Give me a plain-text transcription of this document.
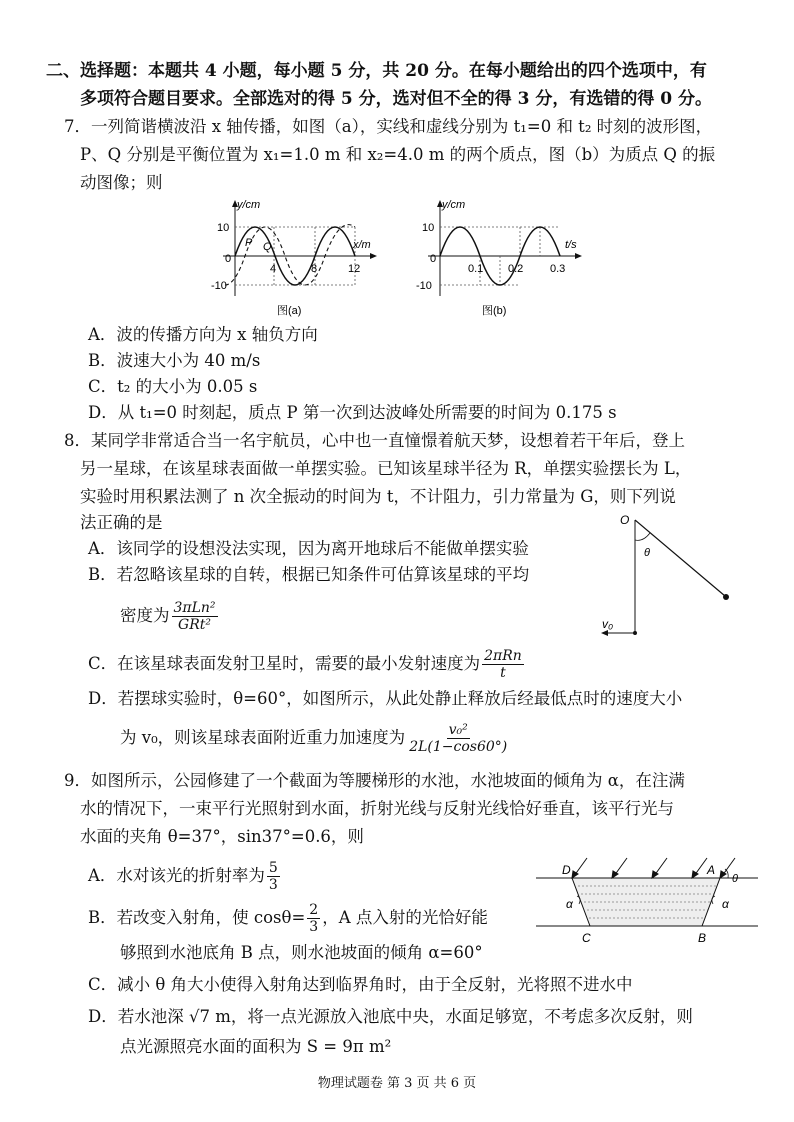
二、选择题：本题共 4 小题，每小题 5 分，共 20 分。在每小题给出的四个选项中，有
多项符合题目要求。全部选对的得 5 分，选对但不全的得 3 分，有选错的得 0 分。
7．一列简谐横波沿 x 轴传播，如图（a），实线和虚线分别为 t₁=0 和 t₂ 时刻的波形图，
P、Q 分别是平衡位置为 x₁=1.0 m 和 x₂=4.0 m 的两个质点，图（b）为质点 Q 的振
动图像；则
y/cm
x/m
10
0
-10
4	8	12
P Q
图(a)
y/cm
t/s
10
0
-10
0.1 0.2 0.3
图(b)
A．波的传播方向为 x 轴负方向
B．波速大小为 40 m/s
C．t₂ 的大小为 0.05 s
D．从 t₁=0 时刻起，质点 P 第一次到达波峰处所需要的时间为 0.175 s
8．某同学非常适合当一名宇航员，心中也一直憧憬着航天梦，设想着若干年后，登上
另一星球，在该星球表面做一单摆实验。已知该星球半径为 R，单摆实验摆长为 L，
实验时用积累法测了 n 次全振动的时间为 t，不计阻力，引力常量为 G，则下列说
法正确的是	O
θ
v₀
A．该同学的设想没法实现，因为离开地球后不能做单摆实验
B．若忽略该星球的自转，根据已知条件可估算该星球的平均
密度为 $\frac{\text{3πLn²}}{\text{GRt²}}$
C．在该星球表面发射卫星时，需要的最小发射速度为 $\frac{\text{2πRn}}{t}$
D．若摆球实验时，θ=60°，如图所示，从此处静止释放后经最低点时的速度大小
为 v₀，则该星球表面附近重力加速度为 $\frac{\text{v₀²}}{2L(1-\cos 60^\circ)}$
9．如图所示，公园修建了一个截面为等腰梯形的水池，水池坡面的倾角为 α，在注满
水的情况下，一束平行光照射到水面，折射光线与反射光线恰好垂直，该平行光与
水面的夹角 θ=37°，sin37°=0.6，则
D	A
θ
α	α
C	B
A．水对该光的折射率为 $\frac{5}{3}$
B．若改变入射角，使 $\cos\theta= \frac{2}{3}$ ，A 点入射的光恰好能
够照到水池底角 B 点，则水池坡面的倾角 α=60°
C．减小 θ 角大小使得入射角达到临界角时，由于全反射，光将照不进水中
D．若水池深 √7 m，将一点光源放入池底中央，水面足够宽，不考虑多次反射，则
点光源照亮水面的面积为 S = 9π m²
物理试题卷 第 3 页 共 6 页
